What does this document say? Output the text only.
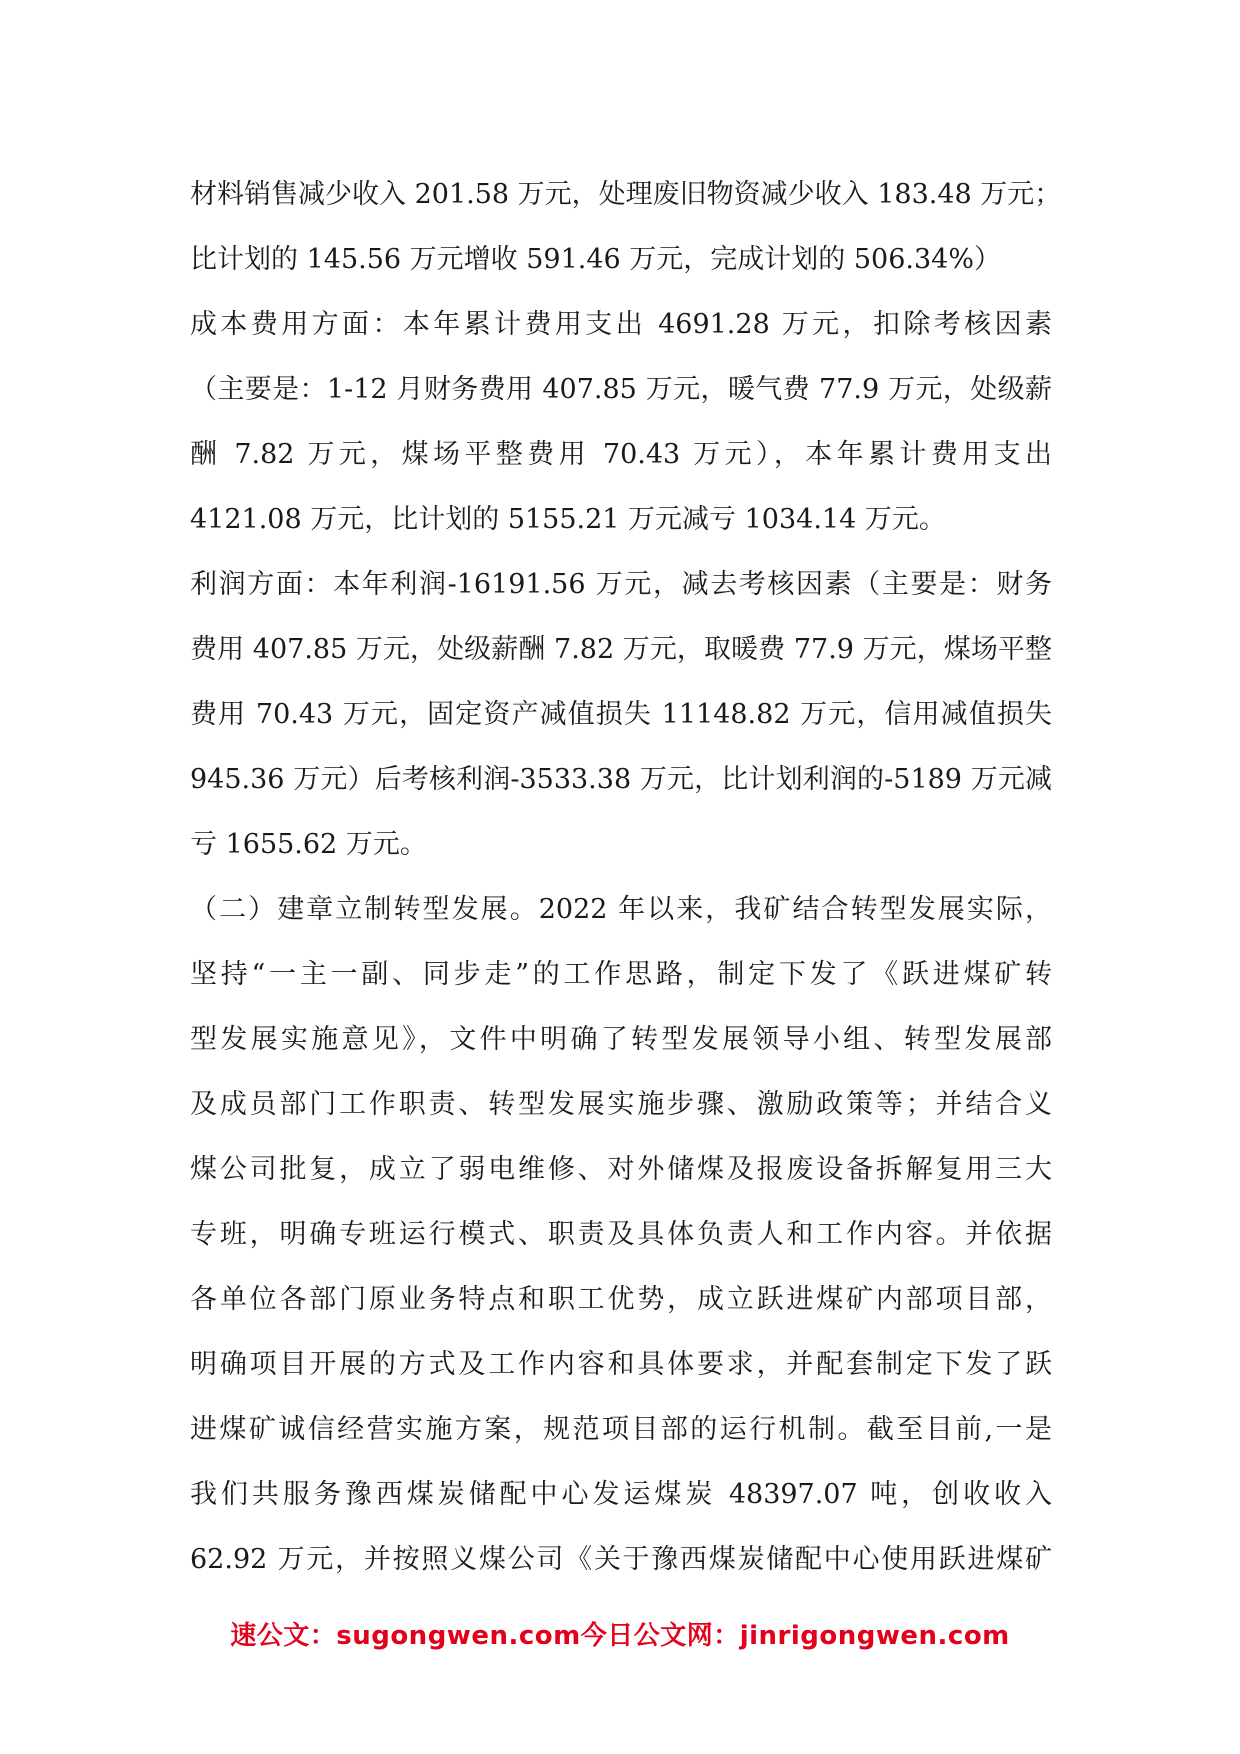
材料销售减少收入 201.58 万元，处理废旧物资减少收入 183.48 万元；
比计划的 145.56 万元增收 591.46 万元，完成计划的 506.34%）
成本费用方面：本年累计费用支出 4691.28 万元，扣除考核因素
（主要是：1-12 月财务费用 407.85 万元，暖气费 77.9 万元，处级薪
酬 7.82 万元，煤场平整费用 70.43 万元），本年累计费用支出
4121.08 万元，比计划的 5155.21 万元减亏 1034.14 万元。
利润方面：本年利润-16191.56 万元，减去考核因素（主要是：财务
费用 407.85 万元，处级薪酬 7.82 万元，取暖费 77.9 万元，煤场平整
费用 70.43 万元，固定资产减值损失 11148.82 万元，信用减值损失
945.36 万元）后考核利润-3533.38 万元，比计划利润的-5189 万元减
亏 1655.62 万元。
（二）建章立制转型发展。2022 年以来，我矿结合转型发展实际，
坚持“一主一副、同步走”的工作思路，制定下发了《跃进煤矿转
型发展实施意见》，文件中明确了转型发展领导小组、转型发展部
及成员部门工作职责、转型发展实施步骤、激励政策等；并结合义
煤公司批复，成立了弱电维修、对外储煤及报废设备拆解复用三大
专班，明确专班运行模式、职责及具体负责人和工作内容。并依据
各单位各部门原业务特点和职工优势，成立跃进煤矿内部项目部，
明确项目开展的方式及工作内容和具体要求，并配套制定下发了跃
进煤矿诚信经营实施方案，规范项目部的运行机制。截至目前,一是
我们共服务豫西煤炭储配中心发运煤炭 48397.07 吨，创收收入
62.92 万元，并按照义煤公司《关于豫西煤炭储配中心使用跃进煤矿
速公文：sugongwen.com今日公文网：jinrigongwen.com
